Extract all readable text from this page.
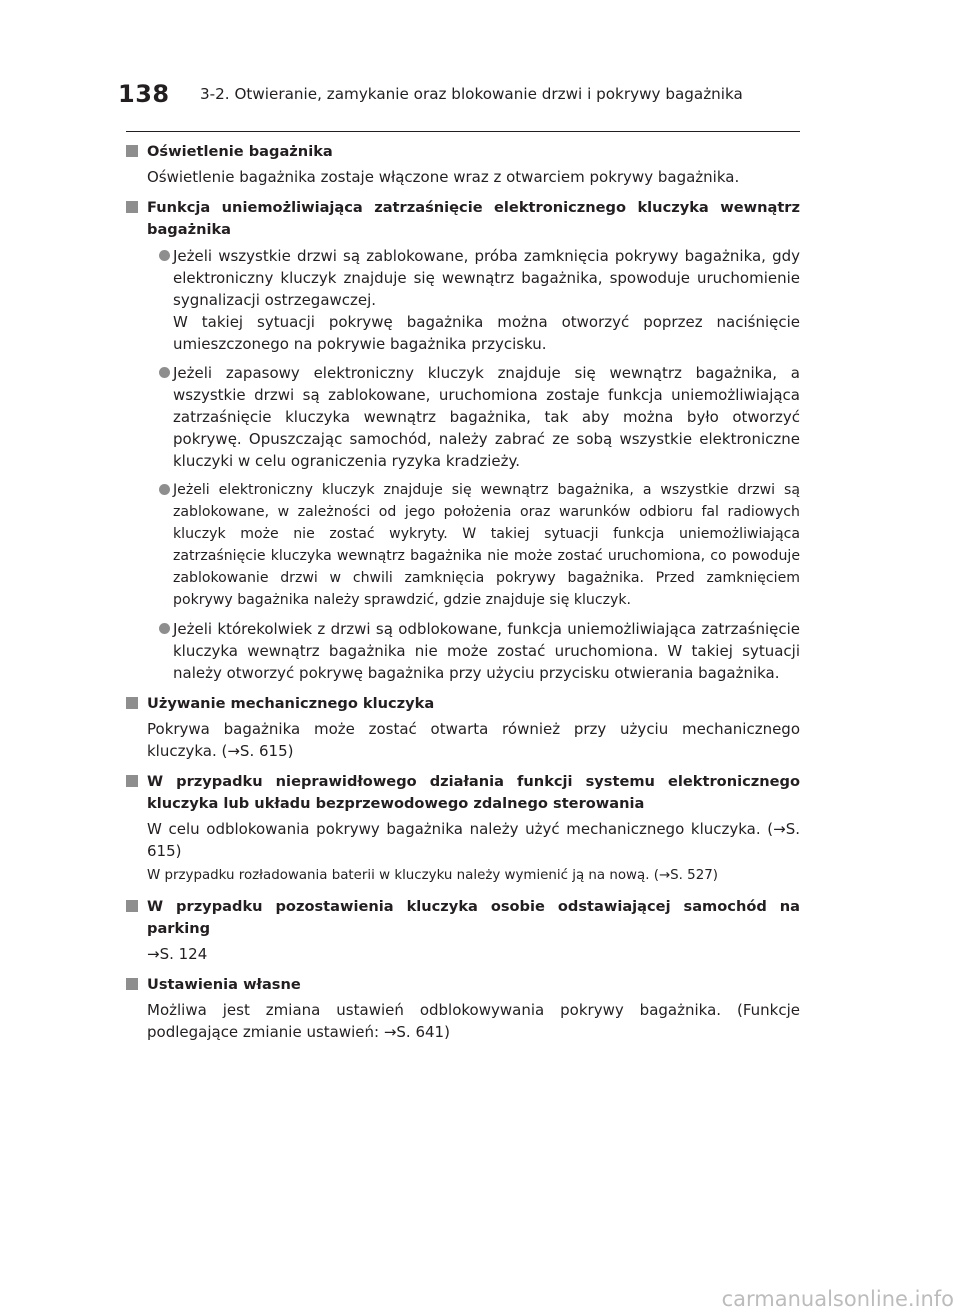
138 3-2. Otwieranie, zamykanie oraz blokowanie drzwi i pokrywy bagażnika
Oświetlenie bagażnika
Oświetlenie bagażnika zostaje włączone wraz z otwarciem pokrywy bagażnika.
Funkcja uniemożliwiająca zatrzaśnięcie elektronicznego kluczyka wewnątrz bagażnika
Jeżeli wszystkie drzwi są zablokowane, próba zamknięcia pokrywy bagażnika, gdy elektroniczny kluczyk znajduje się wewnątrz bagażnika, spowoduje uruchomienie sygnalizacji ostrzegawczej.
W takiej sytuacji pokrywę bagażnika można otworzyć poprzez naciśnięcie umieszczonego na pokrywie bagażnika przycisku.
Jeżeli zapasowy elektroniczny kluczyk znajduje się wewnątrz bagażnika, a wszystkie drzwi są zablokowane, uruchomiona zostaje funkcja uniemożliwiająca zatrzaśnięcie kluczyka wewnątrz bagażnika, tak aby można było otworzyć pokrywę. Opuszczając samochód, należy zabrać ze sobą wszystkie elektroniczne kluczyki w celu ograniczenia ryzyka kradzieży.
Jeżeli elektroniczny kluczyk znajduje się wewnątrz bagażnika, a wszystkie drzwi są zablokowane, w zależności od jego położenia oraz warunków odbioru fal radiowych kluczyk może nie zostać wykryty. W takiej sytuacji funkcja uniemożliwiająca zatrzaśnięcie kluczyka wewnątrz bagażnika nie może zostać uruchomiona, co powoduje zablokowanie drzwi w chwili zamknięcia pokrywy bagażnika. Przed zamknięciem pokrywy bagażnika należy sprawdzić, gdzie znajduje się kluczyk.
Jeżeli którekolwiek z drzwi są odblokowane, funkcja uniemożliwiająca zatrzaśnięcie kluczyka wewnątrz bagażnika nie może zostać uruchomiona. W takiej sytuacji należy otworzyć pokrywę bagażnika przy użyciu przycisku otwierania bagażnika.
Używanie mechanicznego kluczyka
Pokrywa bagażnika może zostać otwarta również przy użyciu mechanicznego kluczyka. (→S. 615)
W przypadku nieprawidłowego działania funkcji systemu elektronicznego kluczyka lub układu bezprzewodowego zdalnego sterowania
W celu odblokowania pokrywy bagażnika należy użyć mechanicznego kluczyka. (→S. 615)
W przypadku rozładowania baterii w kluczyku należy wymienić ją na nową. (→S. 527)
W przypadku pozostawienia kluczyka osobie odstawiającej samochód na parking
→S. 124
Ustawienia własne
Możliwa jest zmiana ustawień odblokowywania pokrywy bagażnika. (Funkcje podlegające zmianie ustawień: →S. 641)
carmanualsonline.info
